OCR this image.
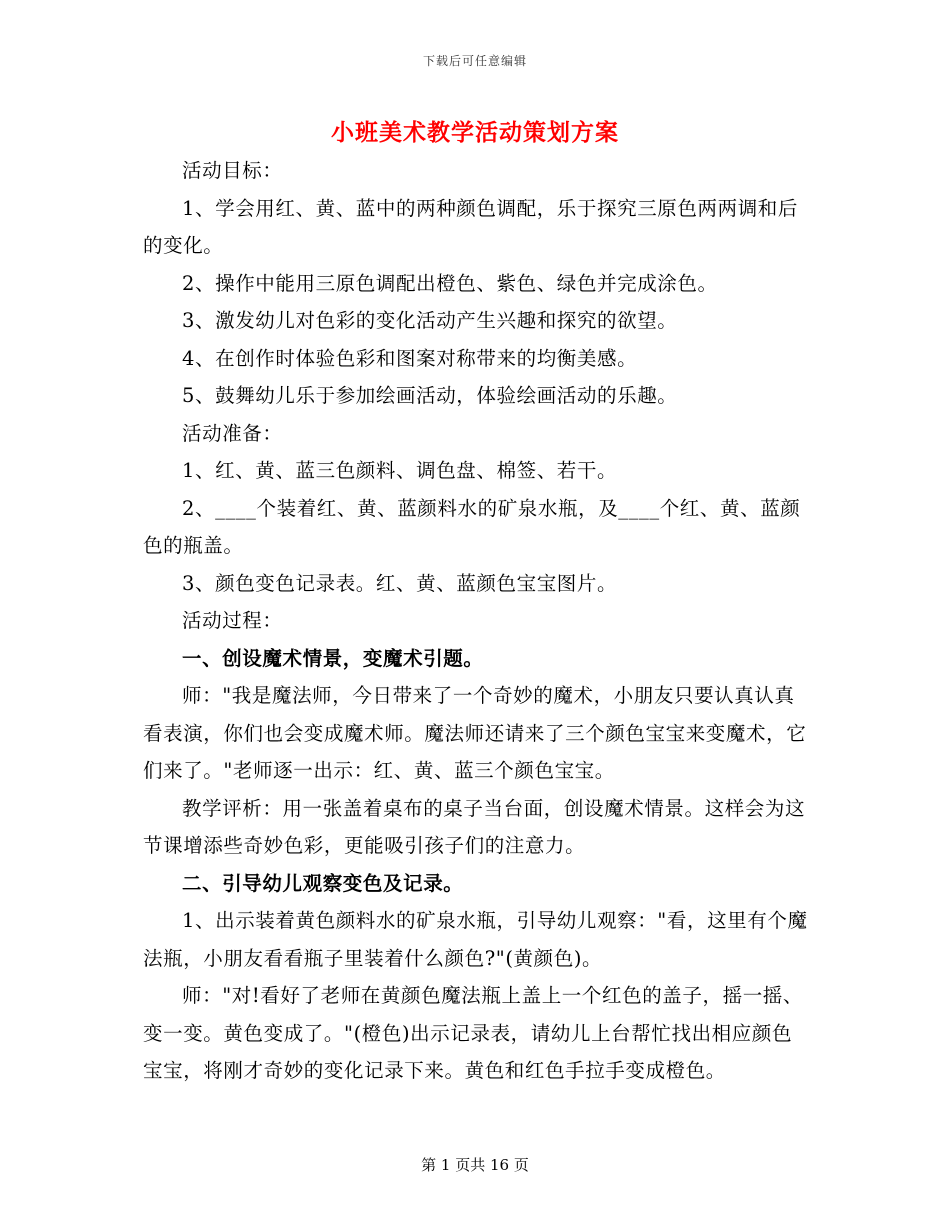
下载后可任意编辑
小班美术教学活动策划方案

活动目标：

1、学会用红、黄、蓝中的两种颜色调配，乐于探究三原色两两调和后的变化。

2、操作中能用三原色调配出橙色、紫色、绿色并完成涂色。

3、激发幼儿对色彩的变化活动产生兴趣和探究的欲望。

4、在创作时体验色彩和图案对称带来的均衡美感。

5、鼓舞幼儿乐于参加绘画活动，体验绘画活动的乐趣。

活动准备：

1、红、黄、蓝三色颜料、调色盘、棉签、若干。

2、____个装着红、黄、蓝颜料水的矿泉水瓶，及____个红、黄、蓝颜色的瓶盖。

3、颜色变色记录表。红、黄、蓝颜色宝宝图片。

活动过程：

一、创设魔术情景，变魔术引题。

师："我是魔法师，今日带来了一个奇妙的魔术，小朋友只要认真认真看表演，你们也会变成魔术师。魔法师还请来了三个颜色宝宝来变魔术，它们来了。"老师逐一出示：红、黄、蓝三个颜色宝宝。

教学评析：用一张盖着桌布的桌子当台面，创设魔术情景。这样会为这节课增添些奇妙色彩，更能吸引孩子们的注意力。

二、引导幼儿观察变色及记录。

1、出示装着黄色颜料水的矿泉水瓶，引导幼儿观察："看，这里有个魔法瓶，小朋友看看瓶子里装着什么颜色?"(黄颜色)。

师："对!看好了老师在黄颜色魔法瓶上盖上一个红色的盖子，摇一摇、变一变。黄色变成了。"(橙色)出示记录表，请幼儿上台帮忙找出相应颜色宝宝，将刚才奇妙的变化记录下来。黄色和红色手拉手变成橙色。

第 1 页共 16 页
